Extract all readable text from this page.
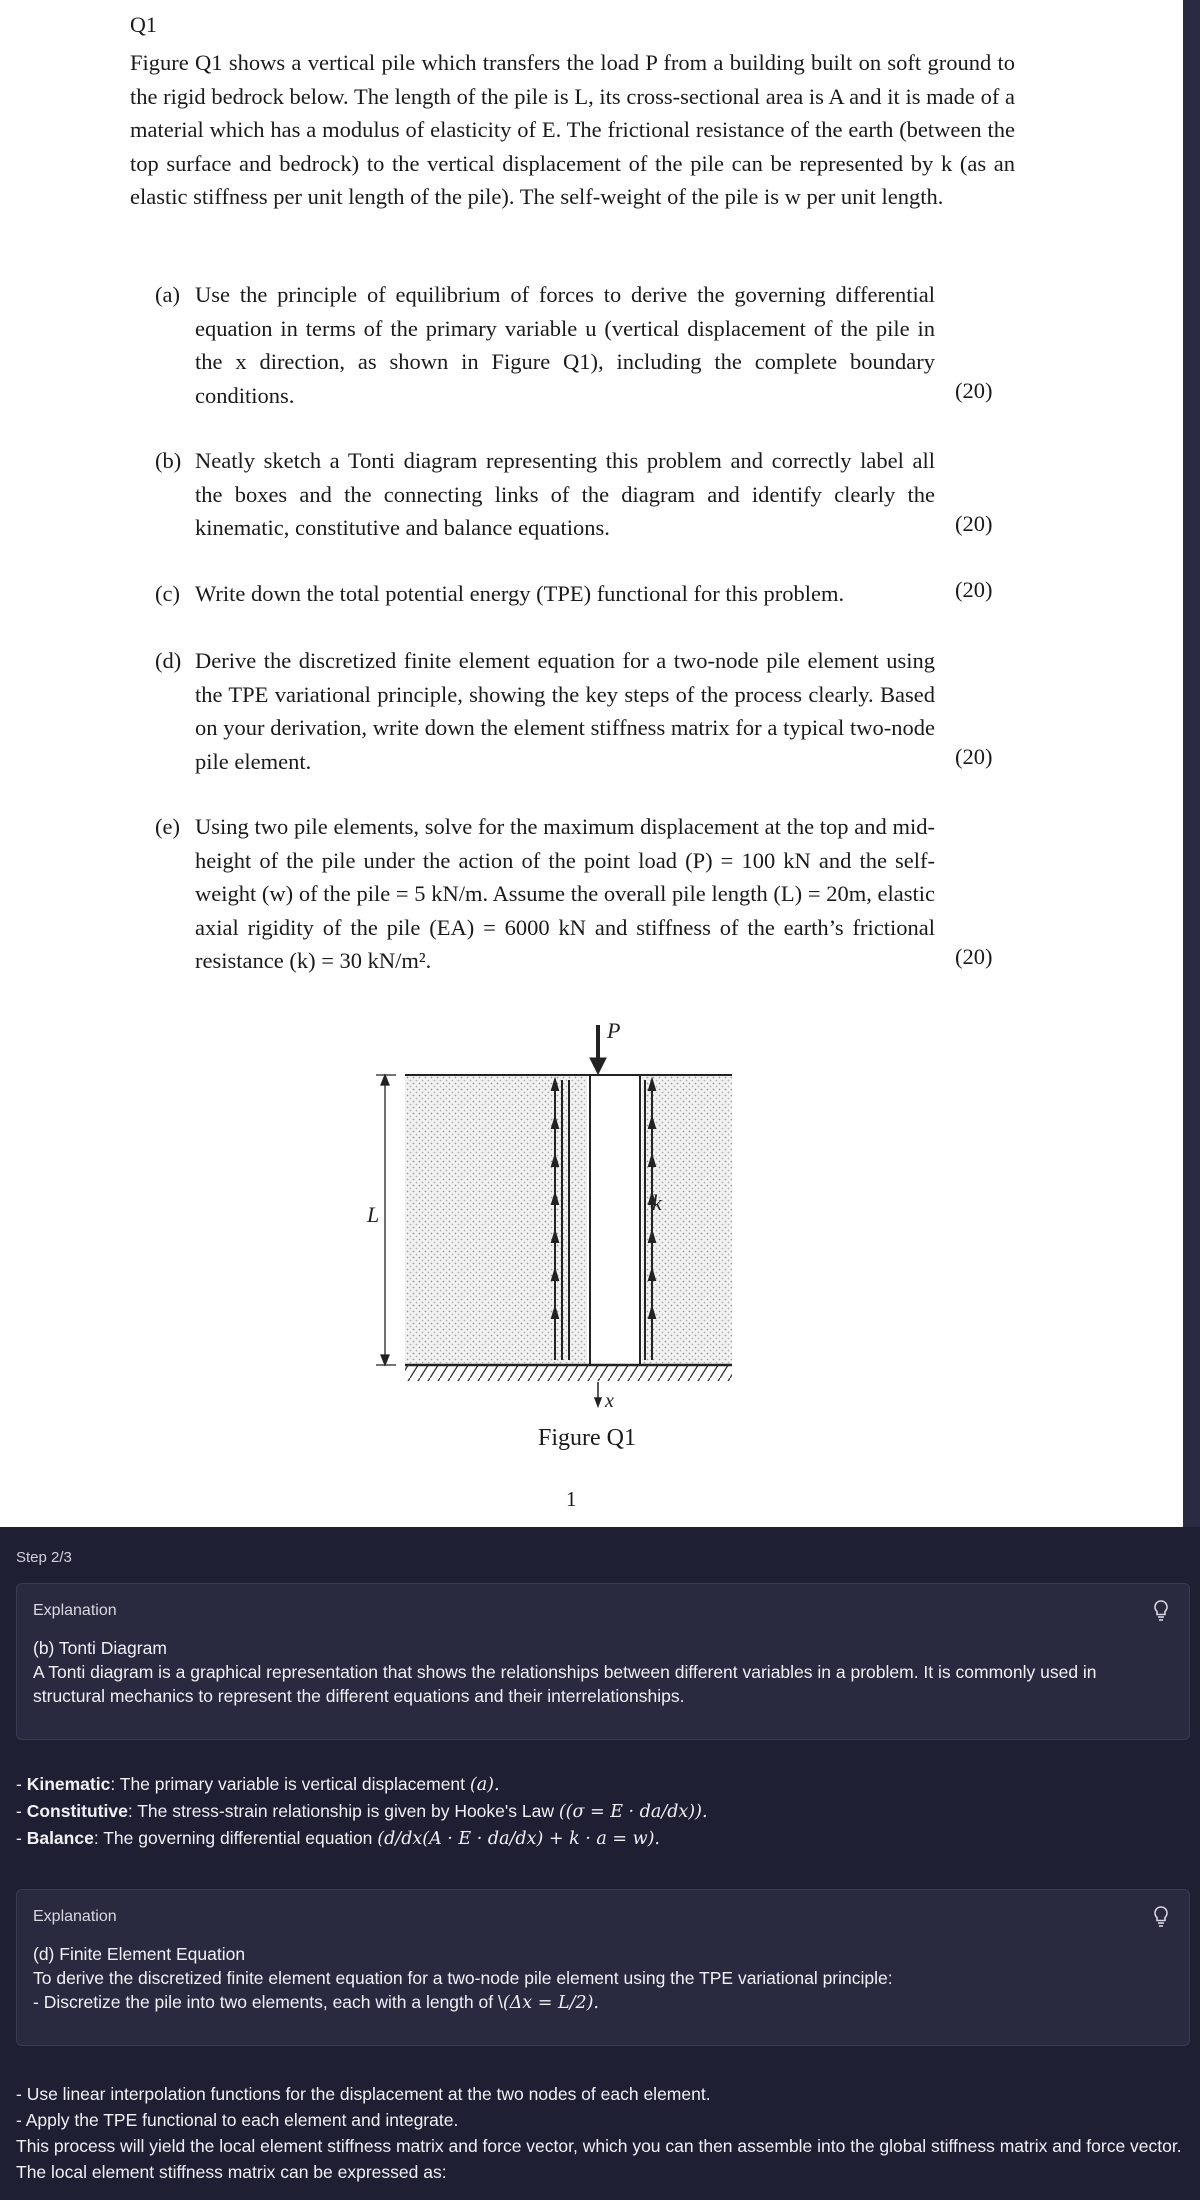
Q1
Figure Q1 shows a vertical pile which transfers the load P from a building built on soft ground to the rigid bedrock below. The length of the pile is L, its cross-sectional area is A and it is made of a material which has a modulus of elasticity of E. The frictional resistance of the earth (between the top surface and bedrock) to the vertical displacement of the pile can be represented by k (as an elastic stiffness per unit length of the pile). The self-weight of the pile is w per unit length.
(a) Use the principle of equilibrium of forces to derive the governing differential equation in terms of the primary variable u (vertical displacement of the pile in the x direction, as shown in Figure Q1), including the complete boundary conditions.	(20)
(b) Neatly sketch a Tonti diagram representing this problem and correctly label all the boxes and the connecting links of the diagram and identify clearly the kinematic, constitutive and balance equations.	(20)
(c) Write down the total potential energy (TPE) functional for this problem.	(20)
(d) Derive the discretized finite element equation for a two-node pile element using the TPE variational principle, showing the key steps of the process clearly. Based on your derivation, write down the element stiffness matrix for a typical two-node pile element.	(20)
(e) Using two pile elements, solve for the maximum displacement at the top and mid-height of the pile under the action of the point load (P) = 100 kN and the self-weight (w) of the pile = 5 kN/m. Assume the overall pile length (L) = 20m, elastic axial rigidity of the pile (EA) = 6000 kN and stiffness of the earth’s frictional resistance (k) = 30 kN/m².	(20)
P
L	k
x
Figure Q1
1
Step 2/3
Explanation
(b) Tonti Diagram
A Tonti diagram is a graphical representation that shows the relationships between different variables in a problem. It is commonly used in structural mechanics to represent the different equations and their interrelationships.
- Kinematic: The primary variable is vertical displacement (a).
- Constitutive: The stress-strain relationship is given by Hooke's Law ((σ = E · da/dx)).
- Balance: The governing differential equation (d/dx(A · E · da/dx) + k · a = w).
Explanation
(d) Finite Element Equation
To derive the discretized finite element equation for a two-node pile element using the TPE variational principle:
- Discretize the pile into two elements, each with a length of \(Δx = L/2).
- Use linear interpolation functions for the displacement at the two nodes of each element.
- Apply the TPE functional to each element and integrate.
This process will yield the local element stiffness matrix and force vector, which you can then assemble into the global stiffness matrix and force vector.
The local element stiffness matrix can be expressed as:
